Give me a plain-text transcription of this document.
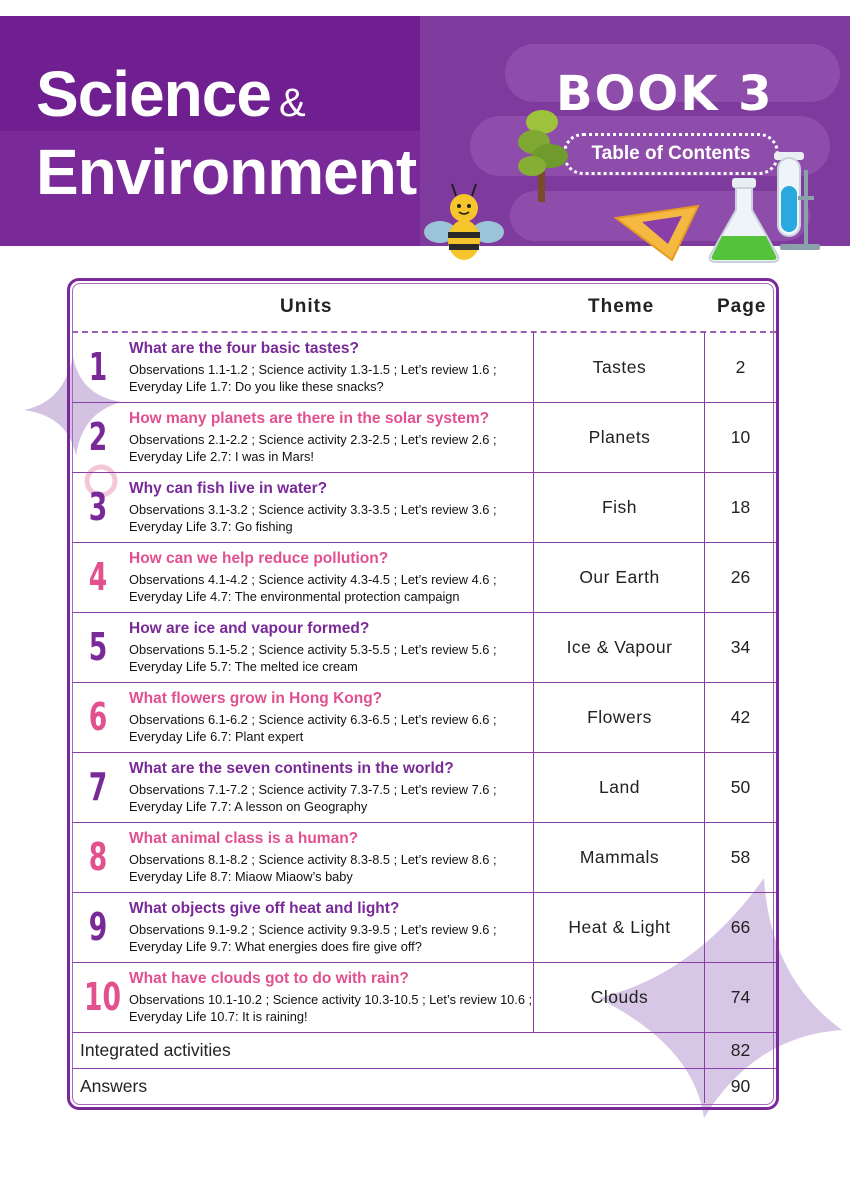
Science &
Environment
BOOK 3
Table of Contents
Units	Theme	Page
1	What are the four basic tastes?
Observations 1.1-1.2 ; Science activity 1.3-1.5 ; Let’s review 1.6 ;
Everyday Life 1.7: Do you like these snacks?
Tastes	2
2	How many planets are there in the solar system?
Observations 2.1-2.2 ; Science activity 2.3-2.5 ; Let’s review 2.6 ;
Everyday Life 2.7: I was in Mars!
Planets	10
3	Why can fish live in water?
Observations 3.1-3.2 ; Science activity 3.3-3.5 ; Let’s review 3.6 ;
Everyday Life 3.7: Go fishing
Fish	18
4	How can we help reduce pollution?
Observations 4.1-4.2 ; Science activity 4.3-4.5 ; Let’s review 4.6 ;
Everyday Life 4.7: The environmental protection campaign
Our Earth	26
5	How are ice and vapour formed?
Observations 5.1-5.2 ; Science activity 5.3-5.5 ; Let’s review 5.6 ;
Everyday Life 5.7: The melted ice cream
Ice & Vapour	34
6	What flowers grow in Hong Kong?
Observations 6.1-6.2 ; Science activity 6.3-6.5 ; Let’s review 6.6 ;
Everyday Life 6.7: Plant expert
Flowers	42
7	What are the seven continents in the world?
Observations 7.1-7.2 ; Science activity 7.3-7.5 ; Let’s review 7.6 ;
Everyday Life 7.7: A lesson on Geography
Land	50
8	What animal class is a human?
Observations 8.1-8.2 ; Science activity 8.3-8.5 ; Let’s review 8.6 ;
Everyday Life 8.7: Miaow Miaow’s baby
Mammals	58
9	What objects give off heat and light?
Observations 9.1-9.2 ; Science activity 9.3-9.5 ; Let’s review 9.6 ;
Everyday Life 9.7: What energies does fire give off?
Heat & Light	66
10 What have clouds got to do with rain?
Observations 10.1-10.2 ; Science activity 10.3-10.5 ; Let’s review 10.6 ;
Everyday Life 10.7: It is raining!
Clouds	74
Integrated activities	82
Answers	90
